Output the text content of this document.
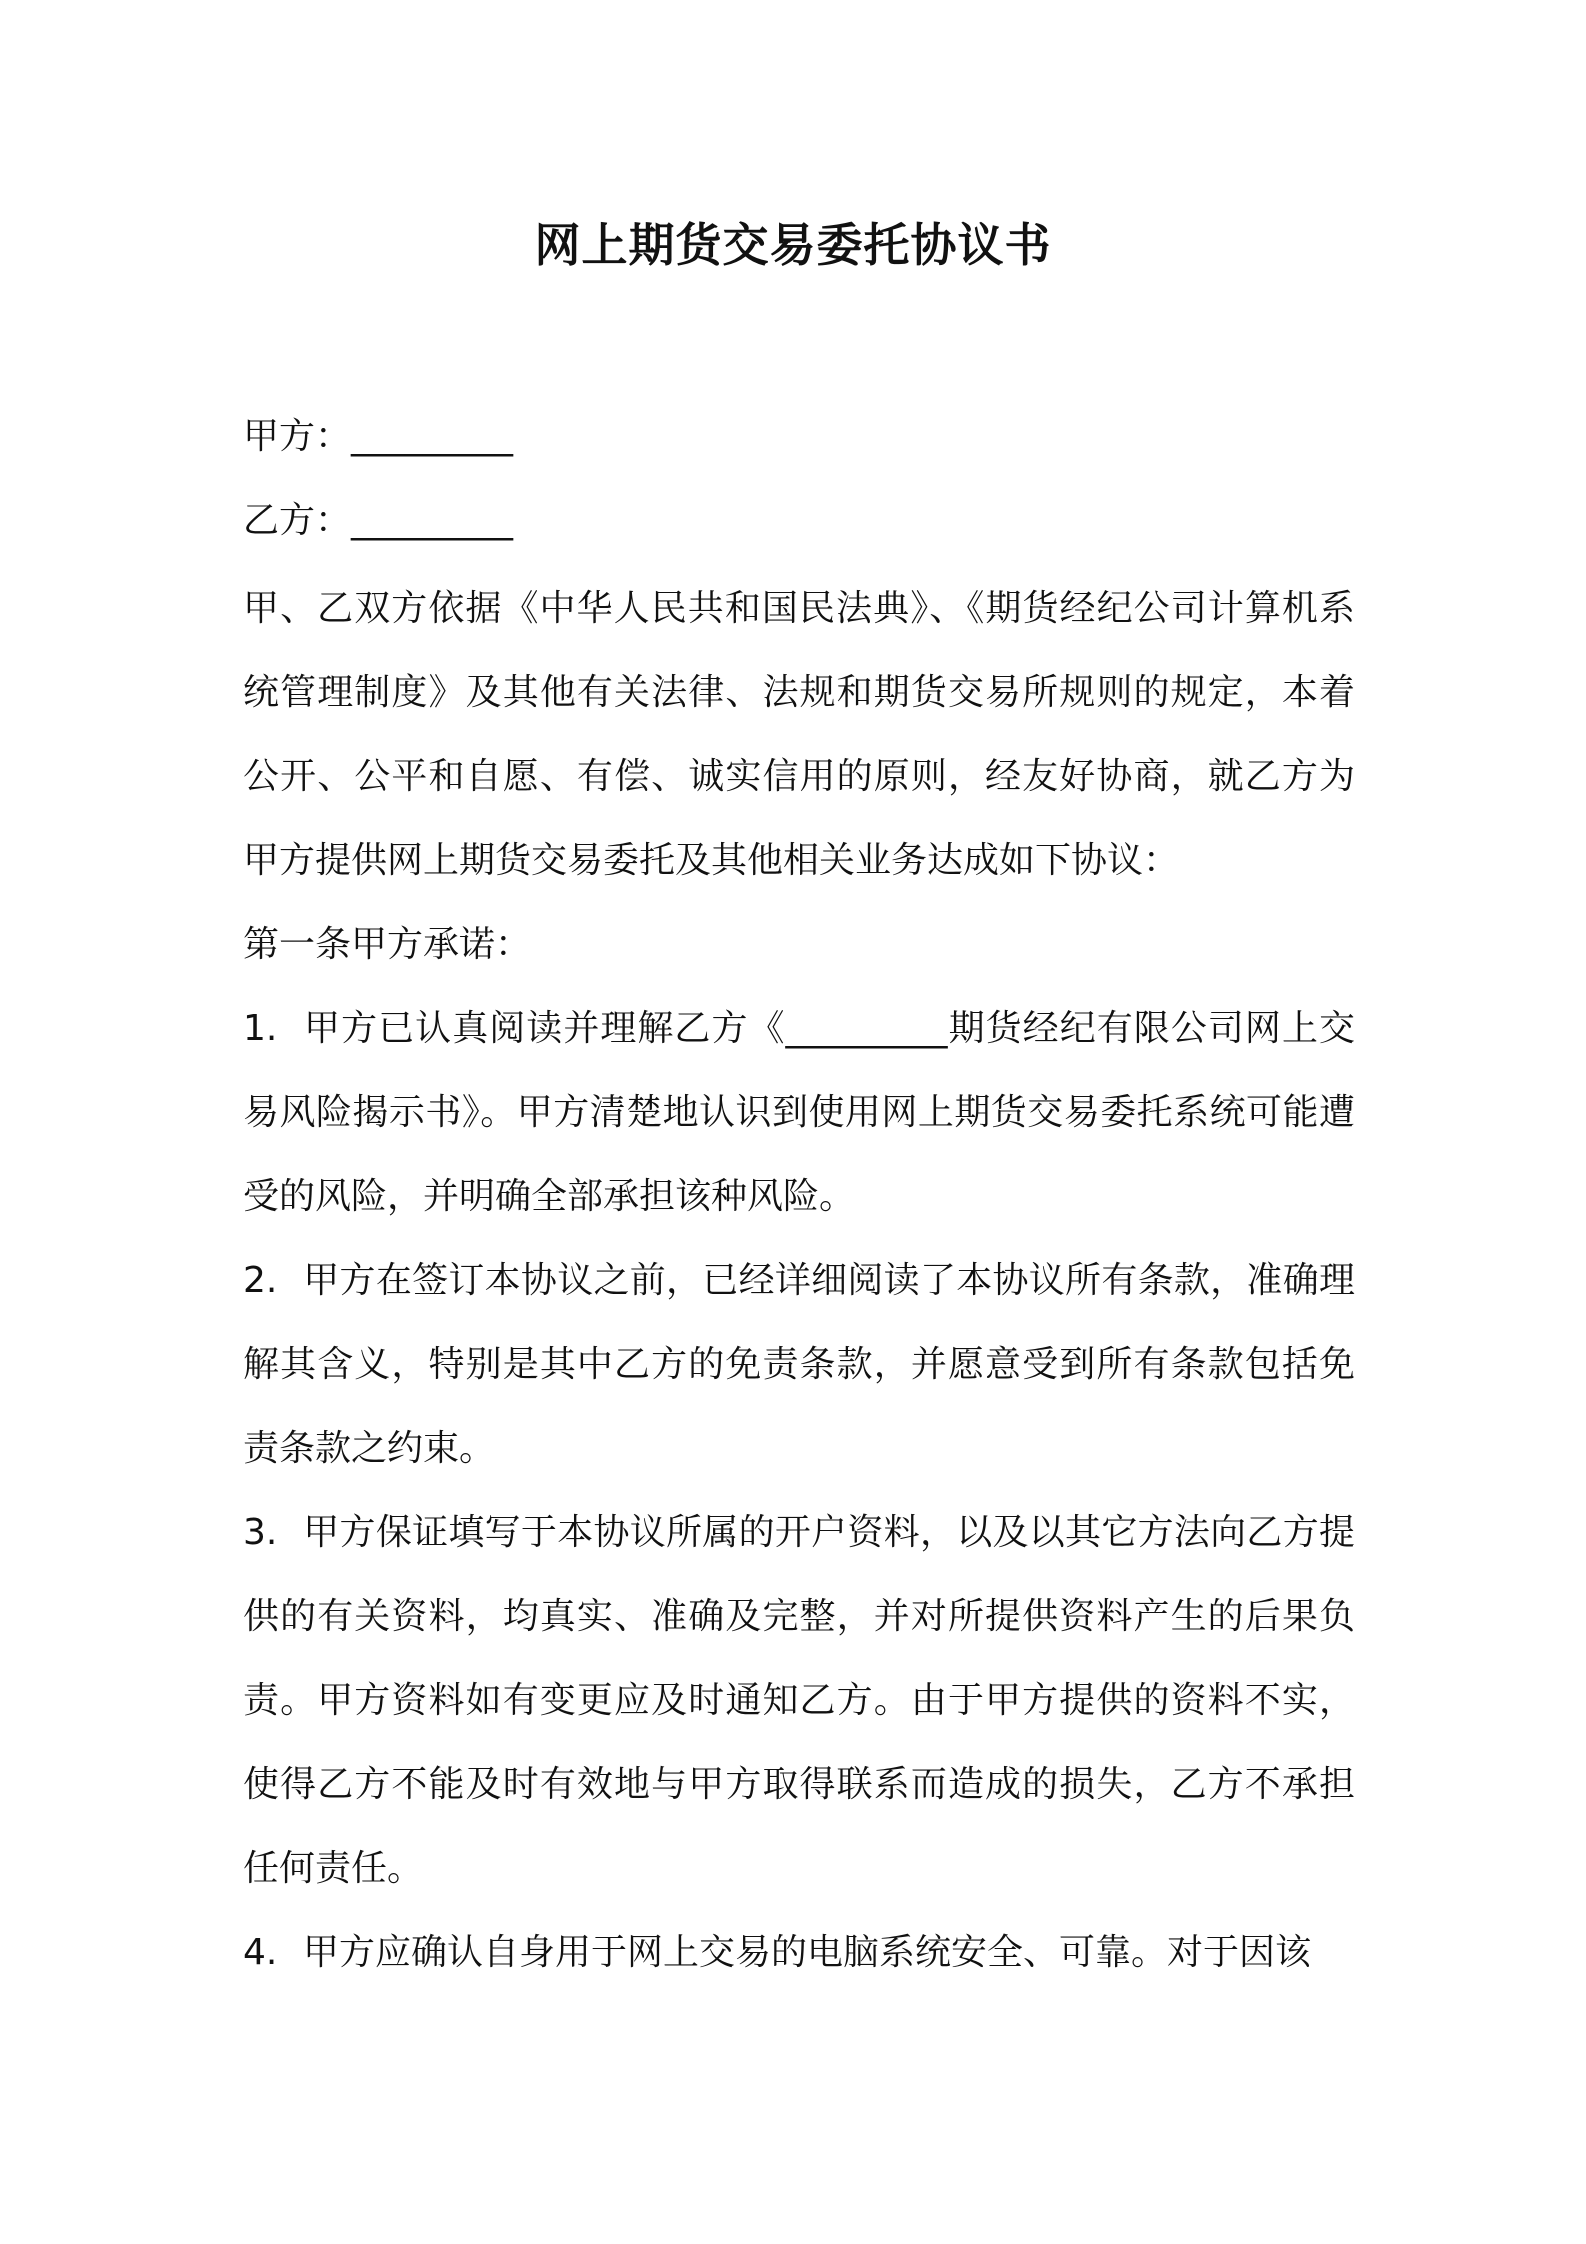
网上期货交易委托协议书

甲方：_________

乙方：_________

甲、乙双方依据《中华人民共和国民法典》、《期货经纪公司计算机系统管理制度》及其他有关法律、法规和期货交易所规则的规定，本着公开、公平和自愿、有偿、诚实信用的原则，经友好协商，就乙方为甲方提供网上期货交易委托及其他相关业务达成如下协议：

第一条甲方承诺：

1. 甲方已认真阅读并理解乙方《_________期货经纪有限公司网上交易风险揭示书》。甲方清楚地认识到使用网上期货交易委托系统可能遭受的风险，并明确全部承担该种风险。

2. 甲方在签订本协议之前，已经详细阅读了本协议所有条款，准确理解其含义，特别是其中乙方的免责条款，并愿意受到所有条款包括免责条款之约束。

3. 甲方保证填写于本协议所属的开户资料，以及以其它方法向乙方提供的有关资料，均真实、准确及完整，并对所提供资料产生的后果负责。甲方资料如有变更应及时通知乙方。由于甲方提供的资料不实，使得乙方不能及时有效地与甲方取得联系而造成的损失，乙方不承担任何责任。

4. 甲方应确认自身用于网上交易的电脑系统安全、可靠。对于因该
